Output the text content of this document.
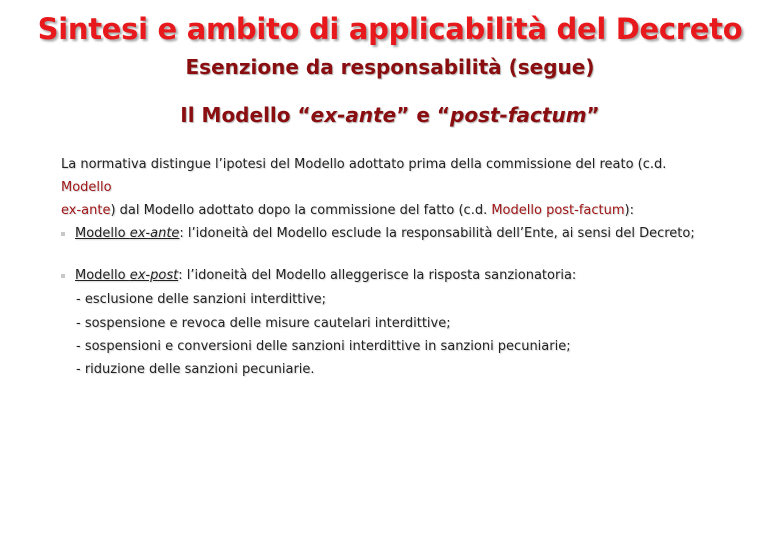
Sintesi e ambito di applicabilità del Decreto
Esenzione da responsabilità (segue)
Il Modello “ex-ante” e “post-factum”
La normativa distingue l’ipotesi del Modello adottato prima della commissione del reato (c.d. Modello
ex-ante) dal Modello adottato dopo la commissione del fatto (c.d. Modello post-factum):
Modello ex-ante: l’idoneità del Modello esclude la responsabilità dell’Ente, ai sensi del Decreto;
Modello ex-post: l’idoneità del Modello alleggerisce la risposta sanzionatoria:
- esclusione delle sanzioni interdittive;
- sospensione e revoca delle misure cautelari interdittive;
- sospensioni e conversioni delle sanzioni interdittive in sanzioni pecuniarie;
- riduzione delle sanzioni pecuniarie.
